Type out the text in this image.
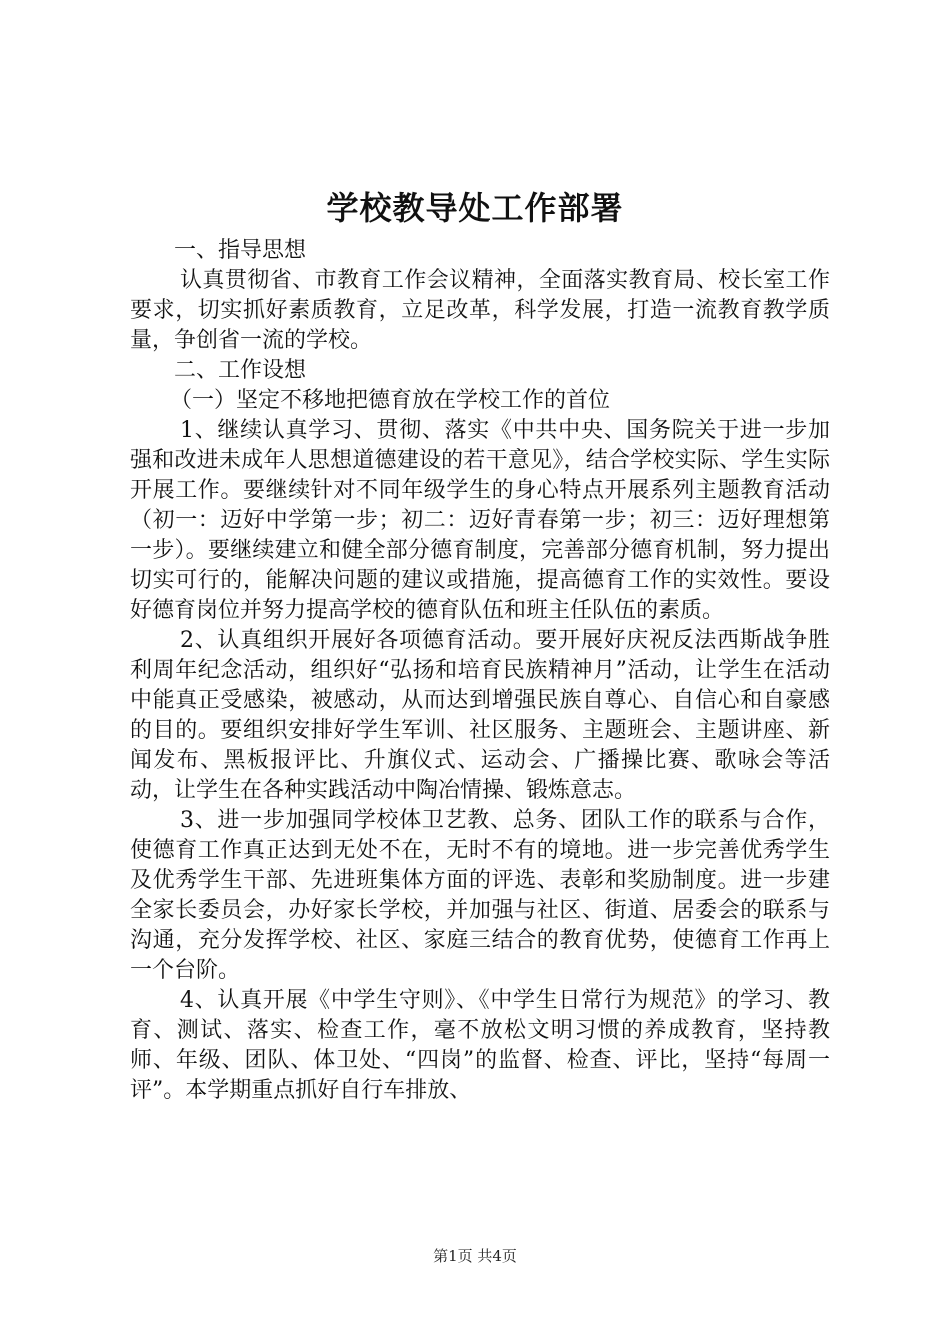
学校教导处工作部署

一、指导思想

认真贯彻省、市教育工作会议精神，全面落实教育局、校长室工作要求，切实抓好素质教育，立足改革，科学发展，打造一流教育教学质量，争创省一流的学校。

二、工作设想

（一）坚定不移地把德育放在学校工作的首位

1、继续认真学习、贯彻、落实《中共中央、国务院关于进一步加强和改进未成年人思想道德建设的若干意见》，结合学校实际、学生实际开展工作。要继续针对不同年级学生的身心特点开展系列主题教育活动（初一：迈好中学第一步；初二：迈好青春第一步；初三：迈好理想第一步）。要继续建立和健全部分德育制度，完善部分德育机制，努力提出切实可行的，能解决问题的建议或措施，提高德育工作的实效性。要设好德育岗位并努力提高学校的德育队伍和班主任队伍的素质。

2、认真组织开展好各项德育活动。要开展好庆祝反法西斯战争胜利周年纪念活动，组织好“弘扬和培育民族精神月”活动，让学生在活动中能真正受感染，被感动，从而达到增强民族自尊心、自信心和自豪感的目的。要组织安排好学生军训、社区服务、主题班会、主题讲座、新闻发布、黑板报评比、升旗仪式、运动会、广播操比赛、歌咏会等活动，让学生在各种实践活动中陶冶情操、锻炼意志。

3、进一步加强同学校体卫艺教、总务、团队工作的联系与合作，使德育工作真正达到无处不在，无时不有的境地。进一步完善优秀学生及优秀学生干部、先进班集体方面的评选、表彰和奖励制度。进一步建全家长委员会，办好家长学校，并加强与社区、街道、居委会的联系与沟通，充分发挥学校、社区、家庭三结合的教育优势，使德育工作再上一个台阶。

4、认真开展《中学生守则》、《中学生日常行为规范》的学习、教育、测试、落实、检查工作，毫不放松文明习惯的养成教育，坚持教师、年级、团队、体卫处、“四岗”的监督、检查、评比，坚持“每周一评”。本学期重点抓好自行车排放、

第1页 共4页
